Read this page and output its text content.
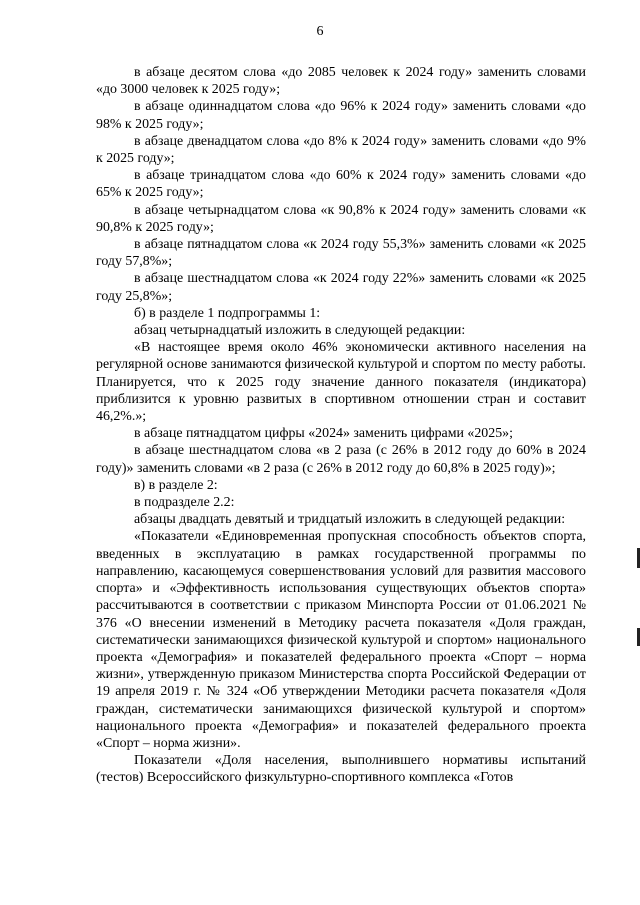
6

в абзаце десятом слова «до 2085 человек к 2024 году» заменить словами «до 3000 человек к 2025 году»;

в абзаце одиннадцатом слова «до 96% к 2024 году» заменить словами «до 98% к 2025 году»;

в абзаце двенадцатом слова «до 8% к 2024 году» заменить словами «до 9% к 2025 году»;

в абзаце тринадцатом слова «до 60% к 2024 году» заменить словами «до 65% к 2025 году»;

в абзаце четырнадцатом слова «к 90,8% к 2024 году» заменить словами «к 90,8% к 2025 году»;

в абзаце пятнадцатом слова «к 2024 году 55,3%» заменить словами «к 2025 году 57,8%»;

в абзаце шестнадцатом слова «к 2024 году 22%» заменить словами «к 2025 году 25,8%»;

б) в разделе 1 подпрограммы 1:

абзац четырнадцатый изложить в следующей редакции:

«В настоящее время около 46% экономически активного населения на регулярной основе занимаются физической культурой и спортом по месту работы. Планируется, что к 2025 году значение данного показателя (индикатора) приблизится к уровню развитых в спортивном отношении стран и составит 46,2%.»;

в абзаце пятнадцатом цифры «2024» заменить цифрами «2025»;

в абзаце шестнадцатом слова «в 2 раза (с 26% в 2012 году до 60% в 2024 году)» заменить словами «в 2 раза (с 26% в 2012 году до 60,8% в 2025 году)»;

в) в разделе 2:

в подразделе 2.2:

абзацы двадцать девятый и тридцатый изложить в следующей редакции:

«Показатели «Единовременная пропускная способность объектов спорта, введенных в эксплуатацию в рамках государственной программы по направлению, касающемуся совершенствования условий для развития массового спорта» и «Эффективность использования существующих объектов спорта» рассчитываются в соответствии с приказом Минспорта России от 01.06.2021 № 376 «О внесении изменений в Методику расчета показателя «Доля граждан, систематически занимающихся физической культурой и спортом» национального проекта «Демография» и показателей федерального проекта «Спорт – норма жизни», утвержденную приказом Министерства спорта Российской Федерации от 19 апреля 2019 г. № 324 «Об утверждении Методики расчета показателя «Доля граждан, систематически занимающихся физической культурой и спортом» национального проекта «Демография» и показателей федерального проекта «Спорт – норма жизни».

Показатели «Доля населения, выполнившего нормативы испытаний (тестов) Всероссийского физкультурно-спортивного комплекса «Готов
